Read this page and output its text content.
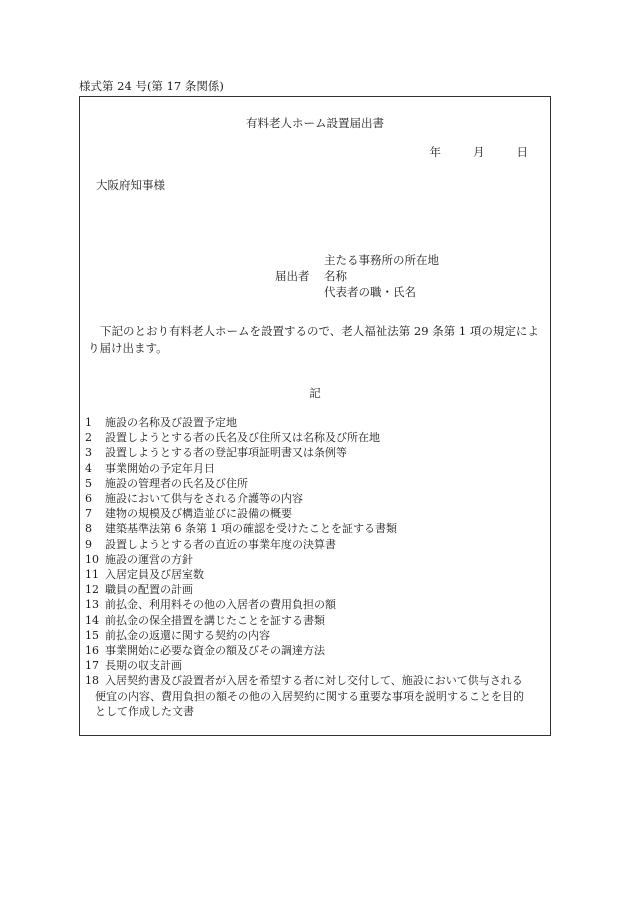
様式第 24 号(第 17 条関係)
有料老人ホーム設置届出書
年	月	日
大阪府知事様
主たる事務所の所在地
届出者 名称
代表者の職・氏名
下記のとおり有料老人ホームを設置するので、老人福祉法第 29 条第 1 項の規定により届け出ます。
記
1	施設の名称及び設置予定地
2	設置しようとする者の氏名及び住所又は名称及び所在地
3	設置しようとする者の登記事項証明書又は条例等
4	事業開始の予定年月日
5	施設の管理者の氏名及び住所
6	施設において供与をされる介護等の内容
7	建物の規模及び構造並びに設備の概要
8	建築基準法第 6 条第 1 項の確認を受けたことを証する書類
9	設置しようとする者の直近の事業年度の決算書
10 施設の運営の方針
11 入居定員及び居室数
12 職員の配置の計画
13 前払金、利用料その他の入居者の費用負担の額
14 前払金の保全措置を講じたことを証する書類
15 前払金の返還に関する契約の内容
16 事業開始に必要な資金の額及びその調達方法
17 長期の収支計画
18 入居契約書及び設置者が入居を希望する者に対し交付して、施設において供与される
便宜の内容、費用負担の額その他の入居契約に関する重要な事項を説明することを目的
として作成した文書
